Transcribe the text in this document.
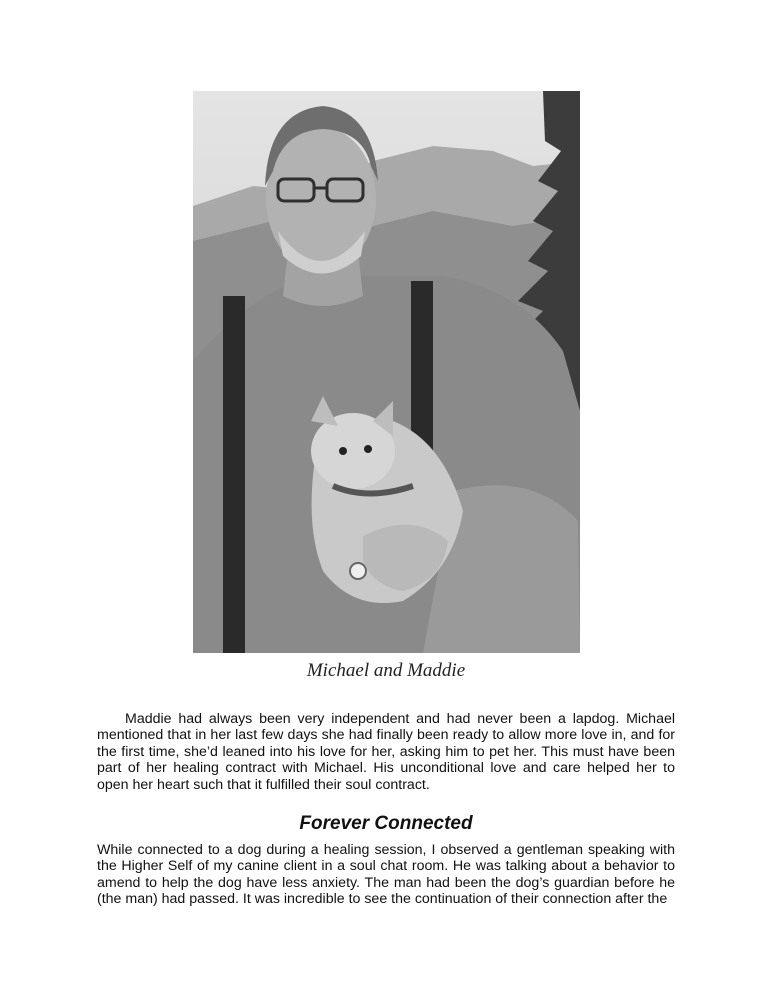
Michael and Maddie

Maddie had always been very independent and had never been a lapdog. Michael mentioned that in her last few days she had finally been ready to allow more love in, and for the first time, she’d leaned into his love for her, asking him to pet her. This must have been part of her healing contract with Michael. His unconditional love and care helped her to open her heart such that it fulfilled their soul contract.

Forever Connected

While connected to a dog during a healing session, I observed a gentleman speaking with the Higher Self of my canine client in a soul chat room. He was talking about a behavior to amend to help the dog have less anxiety. The man had been the dog’s guardian before he (the man) had passed. It was incredible to see the continuation of their connection after the
